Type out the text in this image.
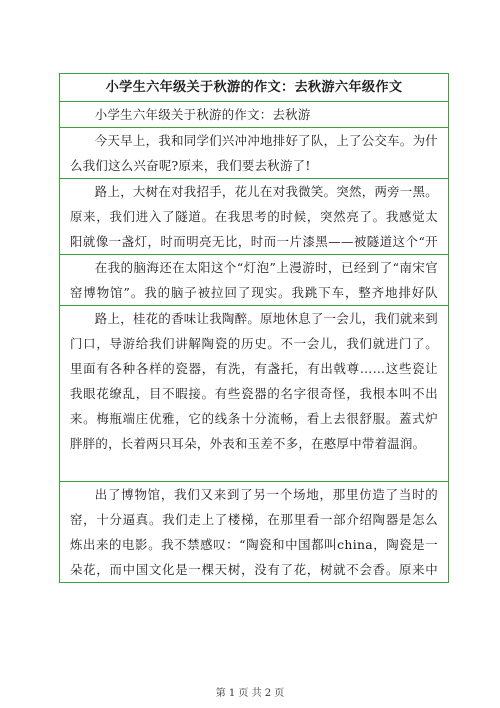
小学生六年级关于秋游的作文：去秋游六年级作文

小学生六年级关于秋游的作文：去秋游

今天早上，我和同学们兴冲冲地排好了队，上了公交车。为什么我们这么兴奋呢?原来，我们要去秋游了!

路上，大树在对我招手，花儿在对我微笑。突然，两旁一黑。原来，我们进入了隧道。在我思考的时候，突然亮了。我感觉太阳就像一盏灯，时而明亮无比，时而一片漆黑——被隧道这个“开

在我的脑海还在太阳这个“灯泡”上漫游时，已经到了“南宋官窑博物馆”。我的脑子被拉回了现实。我跳下车，整齐地排好队

路上，桂花的香味让我陶醉。原地休息了一会儿，我们就来到门口，导游给我们讲解陶瓷的历史。不一会儿，我们就进门了。里面有各种各样的瓷器，有洗，有盏托，有出戟尊……这些瓷让我眼花缭乱，目不暇接。有些瓷器的名字很奇怪，我根本叫不出来。梅瓶端庄优雅，它的线条十分流畅，看上去很舒服。蓋式炉胖胖的，长着两只耳朵，外表和玉差不多，在憨厚中带着温润。

出了博物馆，我们又来到了另一个场地，那里仿造了当时的窑，十分逼真。我们走上了楼梯，在那里看一部介绍陶器是怎么炼出来的电影。我不禁感叹：“陶瓷和中国都叫china，陶瓷是一朵花，而中国文化是一棵天树，没有了花，树就不会香。原来中

第 1 页 共 2 页
